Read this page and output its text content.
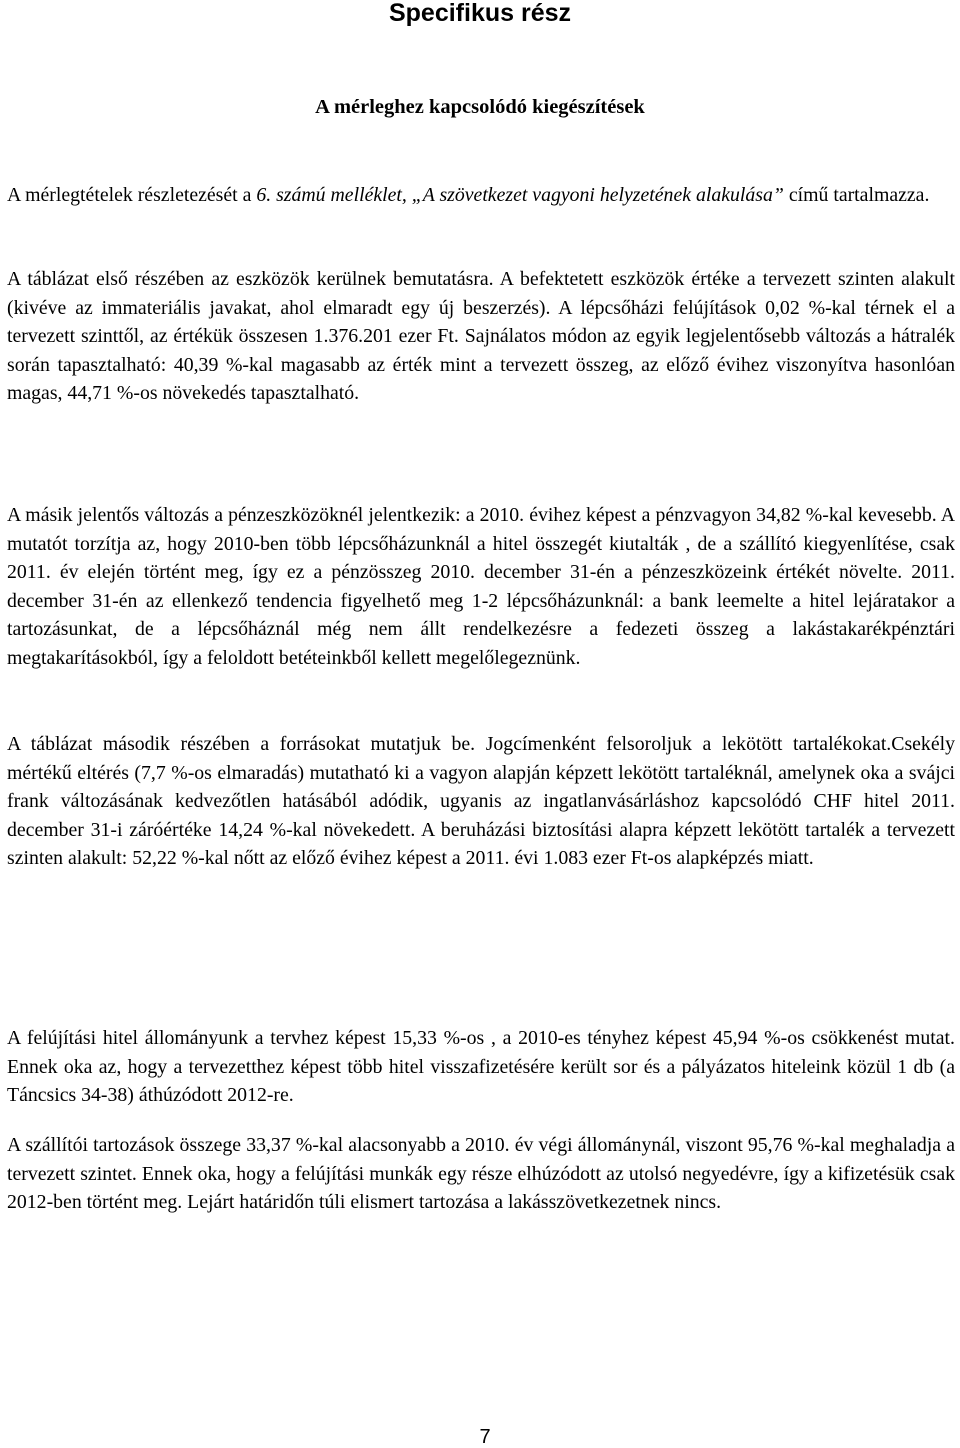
Specifikus rész
A mérleghez kapcsolódó kiegészítések

A mérlegtételek részletezését a 6. számú melléklet, „A szövetkezet vagyoni helyzetének alakulása” című tartalmazza.

A táblázat első részében az eszközök kerülnek bemutatásra. A befektetett eszközök értéke a tervezett szinten alakult (kivéve az immateriális javakat, ahol elmaradt egy új beszerzés). A lépcsőházi felújítások 0,02 %-kal térnek el a tervezett szinttől, az értékük összesen 1.376.201 ezer Ft. Sajnálatos módon az egyik legjelentősebb változás a hátralék során tapasztalható: 40,39 %-kal magasabb az érték mint a tervezett összeg, az előző évihez viszonyítva hasonlóan magas, 44,71 %-os növekedés tapasztalható.

A másik jelentős változás a pénzeszközöknél jelentkezik: a 2010. évihez képest a pénzvagyon 34,82 %-kal kevesebb. A mutatót torzítja az, hogy 2010-ben több lépcsőházunknál a hitel összegét kiutalták , de a szállító kiegyenlítése, csak 2011. év elején történt meg, így ez a pénzösszeg 2010. december 31-én a pénzeszközeink értékét növelte. 2011. december 31-én az ellenkező tendencia figyelhető meg 1-2 lépcsőházunknál: a bank leemelte a hitel lejáratakor a tartozásunkat, de a lépcsőháznál még nem állt rendelkezésre a fedezeti összeg a lakástakarékpénztári megtakarításokból, így a feloldott betéteinkből kellett megelőlegeznünk.

A táblázat második részében a forrásokat mutatjuk be. Jogcímenként felsoroljuk a lekötött tartalékokat.Csekély mértékű eltérés (7,7 %-os elmaradás) mutatható ki a vagyon alapján képzett lekötött tartaléknál, amelynek oka a svájci frank változásának kedvezőtlen hatásából adódik, ugyanis az ingatlanvásárláshoz kapcsolódó CHF hitel 2011. december 31-i záróértéke 14,24 %-kal növekedett. A beruházási biztosítási alapra képzett lekötött tartalék a tervezett szinten alakult: 52,22 %-kal nőtt az előző évihez képest a 2011. évi 1.083 ezer Ft-os alapképzés miatt.

A felújítási hitel állományunk a tervhez képest 15,33 %-os , a 2010-es tényhez képest 45,94 %-os csökkenést mutat. Ennek oka az, hogy a tervezetthez képest több hitel visszafizetésére került sor és a pályázatos hiteleink közül 1 db (a Táncsics 34-38) áthúzódott 2012-re.

A szállítói tartozások összege 33,37 %-kal alacsonyabb a 2010. év végi állománynál, viszont 95,76 %-kal meghaladja a tervezett szintet. Ennek oka, hogy a felújítási munkák egy része elhúzódott az utolsó negyedévre, így a kifizetésük csak 2012-ben történt meg. Lejárt határidőn túli elismert tartozása a lakásszövetkezetnek nincs.

7
